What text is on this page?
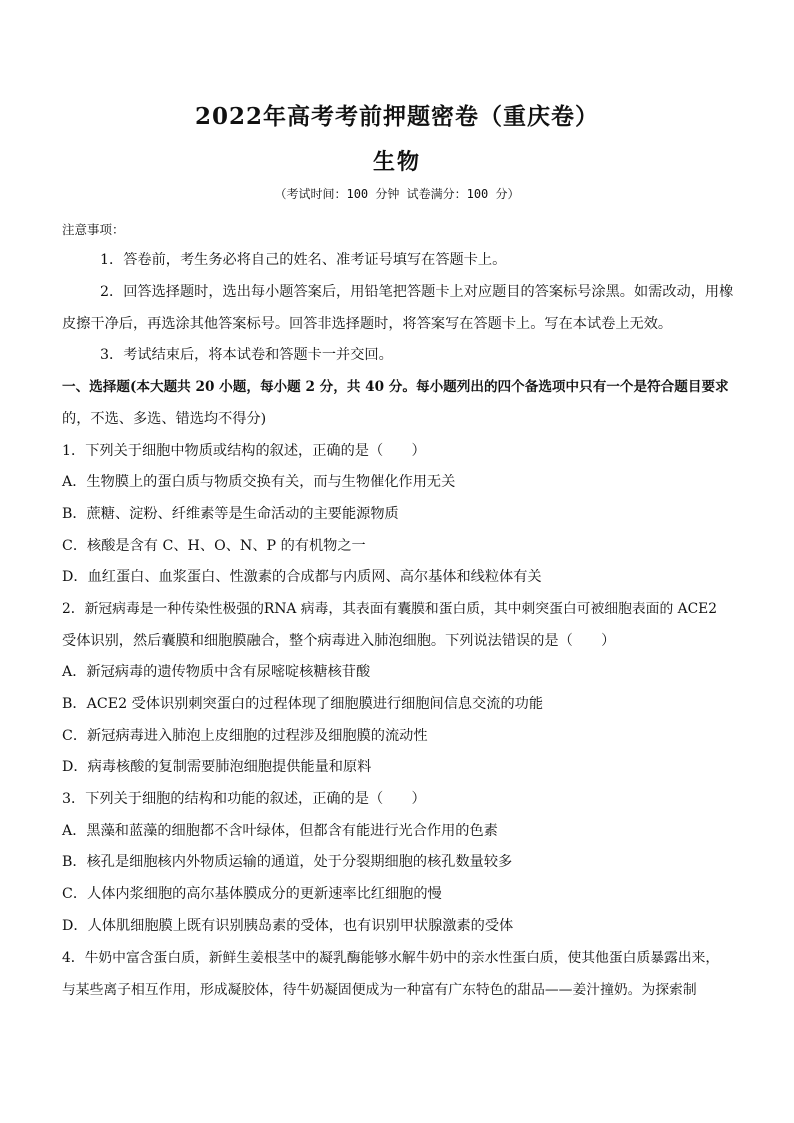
2022年高考考前押题密卷（重庆卷）
生物
（考试时间：100 分钟 试卷满分：100 分）
注意事项：
1．答卷前，考生务必将自己的姓名、准考证号填写在答题卡上。
2．回答选择题时，选出每小题答案后，用铅笔把答题卡上对应题目的答案标号涂黑。如需改动，用橡
皮擦干净后，再选涂其他答案标号。回答非选择题时，将答案写在答题卡上。写在本试卷上无效。
3．考试结束后，将本试卷和答题卡一并交回。
一、选择题(本大题共 20 小题，每小题 2 分，共 40 分。每小题列出的四个备选项中只有一个是符合题目要求
的，不选、多选、错选均不得分)
1．下列关于细胞中物质或结构的叙述，正确的是（　　）
A．生物膜上的蛋白质与物质交换有关，而与生物催化作用无关
B．蔗糖、淀粉、纤维素等是生命活动的主要能源物质
C．核酸是含有 C、H、O、N、P 的有机物之一
D．血红蛋白、血浆蛋白、性激素的合成都与内质网、高尔基体和线粒体有关
2．新冠病毒是一种传染性极强的RNA 病毒，其表面有囊膜和蛋白质，其中刺突蛋白可被细胞表面的 ACE2
受体识别，然后囊膜和细胞膜融合，整个病毒进入肺泡细胞。下列说法错误的是（　　）
A．新冠病毒的遗传物质中含有尿嘧啶核糖核苷酸
B．ACE2 受体识别刺突蛋白的过程体现了细胞膜进行细胞间信息交流的功能
C．新冠病毒进入肺泡上皮细胞的过程涉及细胞膜的流动性
D．病毒核酸的复制需要肺泡细胞提供能量和原料
3．下列关于细胞的结构和功能的叙述，正确的是（　　）
A．黑藻和蓝藻的细胞都不含叶绿体，但都含有能进行光合作用的色素
B．核孔是细胞核内外物质运输的通道，处于分裂期细胞的核孔数量较多
C．人体内浆细胞的高尔基体膜成分的更新速率比红细胞的慢
D．人体肌细胞膜上既有识别胰岛素的受体，也有识别甲状腺激素的受体
4．牛奶中富含蛋白质，新鲜生姜根茎中的凝乳酶能够水解牛奶中的亲水性蛋白质，使其他蛋白质暴露出来，
与某些离子相互作用，形成凝胶体，待牛奶凝固便成为一种富有广东特色的甜品——姜汁撞奶。为探索制
